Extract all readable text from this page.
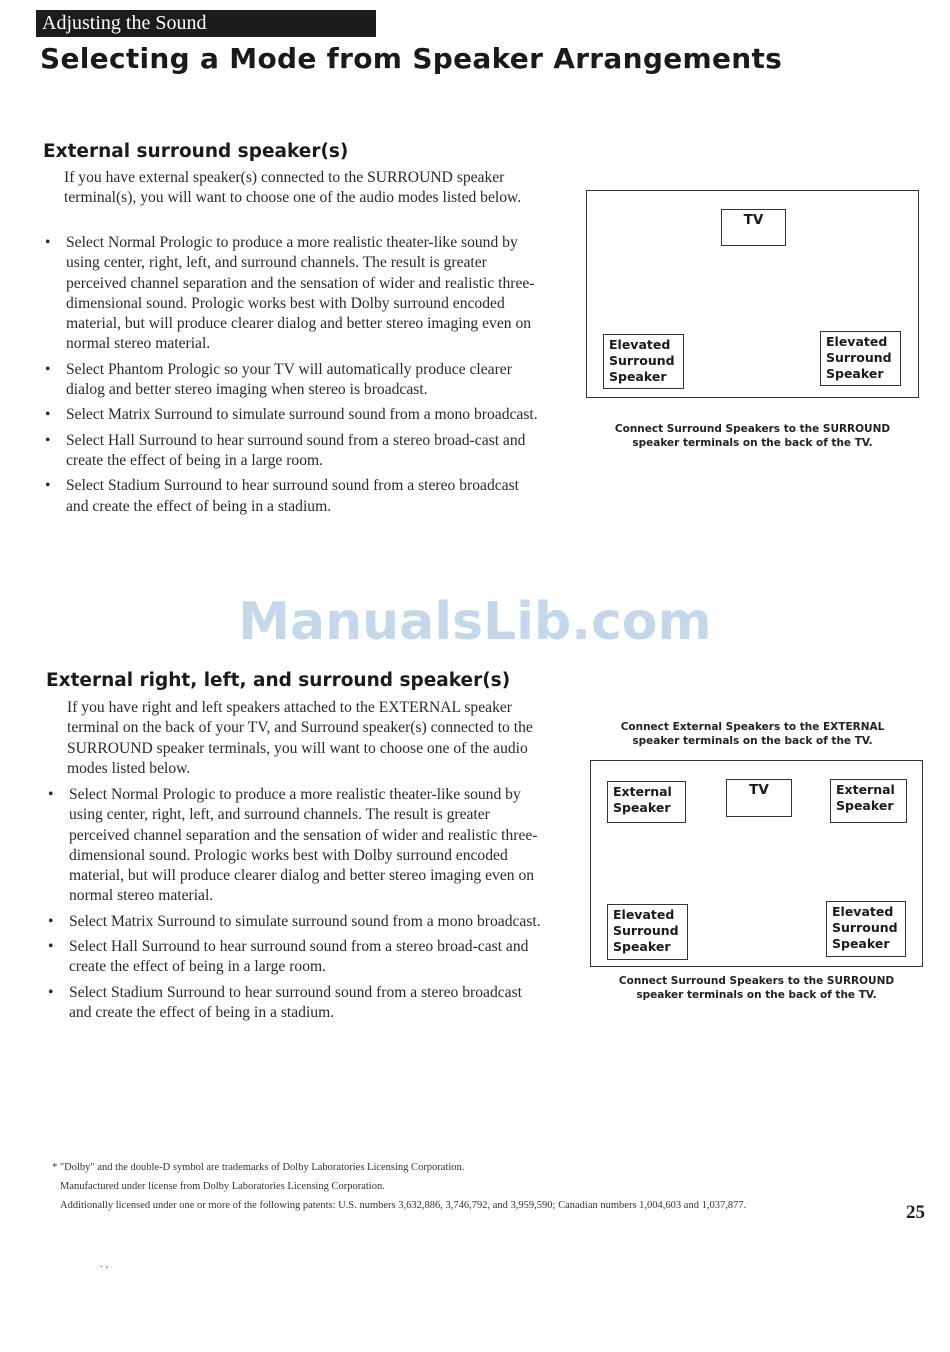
Adjusting the Sound
Selecting a Mode from Speaker Arrangements
External surround speaker(s)
If you have external speaker(s) connected to the SURROUND speaker terminal(s), you will want to choose one of the audio modes listed below.
• Select Normal Prologic to produce a more realistic theater-like sound by using center, right, left, and surround channels. The result is greater perceived channel separation and the sensation of wider and realistic three-dimensional sound. Prologic works best with Dolby surround encoded material, but will produce clearer dialog and better stereo imaging even on normal stereo material.
• Select Phantom Prologic so your TV will automatically produce clearer dialog and better stereo imaging when stereo is broadcast.
• Select Matrix Surround to simulate surround sound from a mono broadcast.
• Select Hall Surround to hear surround sound from a stereo broad-cast and create the effect of being in a large room.
• Select Stadium Surround to hear surround sound from a stereo broadcast and create the effect of being in a stadium.
TV
Elevated
Surround
Speaker
Elevated
Surround
Speaker
Connect Surround Speakers to the SURROUND
speaker terminals on the back of the TV.
ManualsLib.com
External right, left, and surround speaker(s)
If you have right and left speakers attached to the EXTERNAL speaker terminal on the back of your TV, and Surround speaker(s) connected to the SURROUND speaker terminals, you will want to choose one of the audio modes listed below.
• Select Normal Prologic to produce a more realistic theater-like sound by using center, right, left, and surround channels. The result is greater perceived channel separation and the sensation of wider and realistic three-dimensional sound. Prologic works best with Dolby surround encoded material, but will produce clearer dialog and better stereo imaging even on normal stereo material.
• Select Matrix Surround to simulate surround sound from a mono broadcast.
• Select Hall Surround to hear surround sound from a stereo broad-cast and create the effect of being in a large room.
• Select Stadium Surround to hear surround sound from a stereo broadcast and create the effect of being in a stadium.
Connect External Speakers to the EXTERNAL
speaker terminals on the back of the TV.
External
Speaker
TV	External
Speaker
Elevated
Surround
Speaker
Elevated
Surround
Speaker
Connect Surround Speakers to the SURROUND
speaker terminals on the back of the TV.
* "Dolby" and the double-D symbol are trademarks of Dolby Laboratories Licensing Corporation.
Manufactured under license from Dolby Laboratories Licensing Corporation.
Additionally licensed under one or more of the following patents: U.S. numbers 3,632,886, 3,746,792, and 3,959,590; Canadian numbers 1,004,603 and 1,037,877.	25
. ,
